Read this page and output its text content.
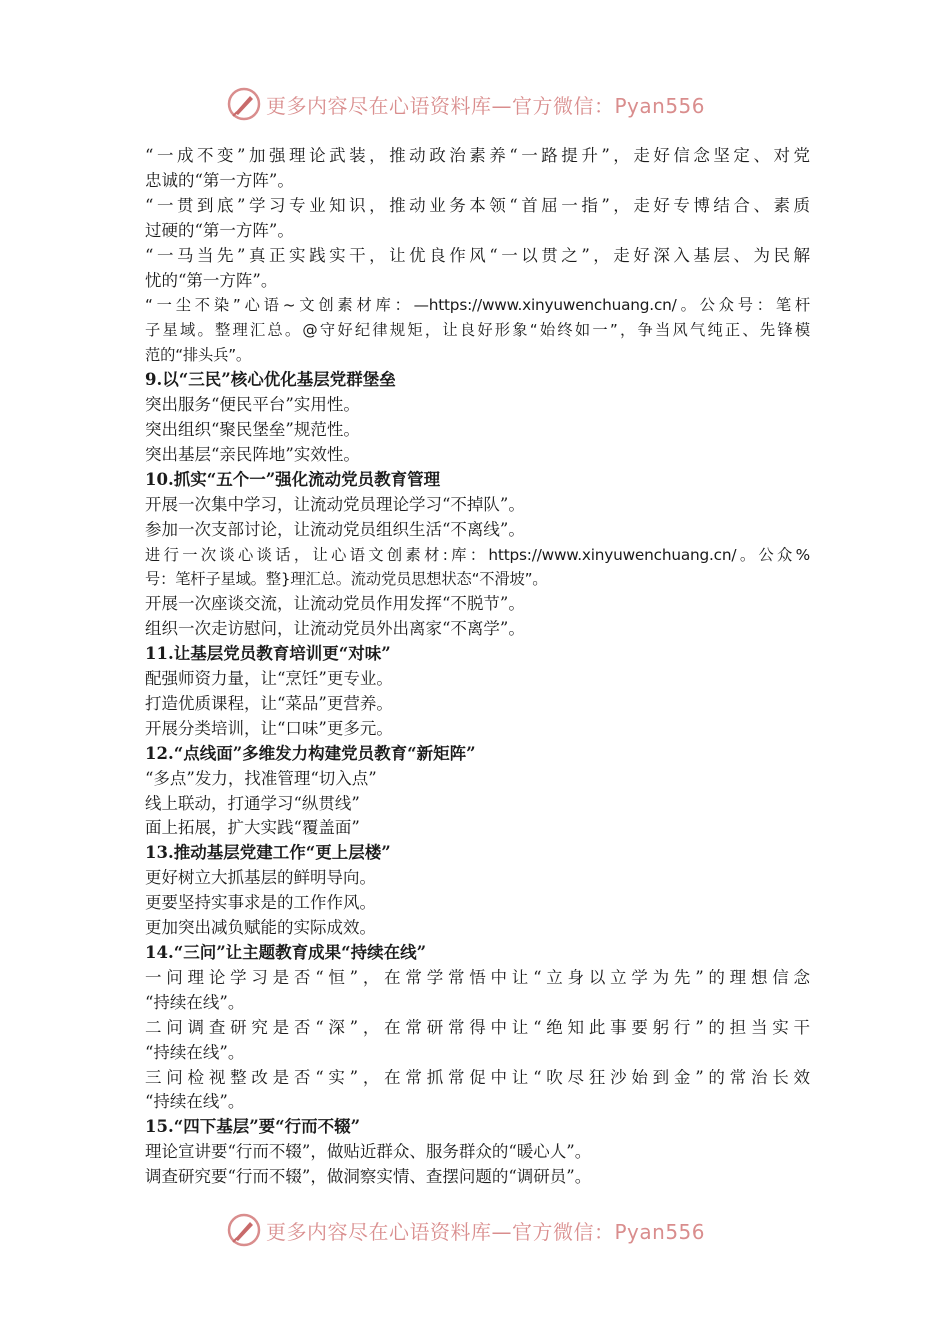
更多内容尽在心语资料库—官方微信：Pyan556

“一成不变”加强理论武装，推动政治素养“一路提升”，走好信念坚定、对党

忠诚的“第一方阵”。

“一贯到底”学习专业知识，推动业务本领“首屈一指”，走好专博结合、素质

过硬的“第一方阵”。

“一马当先”真正实践实干，让优良作风“一以贯之”，走好深入基层、为民解

忧的“第一方阵”。

“一尘不染”心语~文创素材库：—https://www.xinyuwenchuang.cn/。公众号：笔杆

子星域。整理汇总。@守好纪律规矩，让良好形象“始终如一”，争当风气纯正、先锋模

范的“排头兵”。

9.以“三民”核心优化基层党群堡垒

突出服务“便民平台”实用性。

突出组织“聚民堡垒”规范性。

突出基层“亲民阵地”实效性。

10.抓实“五个一”强化流动党员教育管理

开展一次集中学习，让流动党员理论学习“不掉队”。

参加一次支部讨论，让流动党员组织生活“不离线”。

进行一次谈心谈话，让心语文创素材:库：https://www.xinyuwenchuang.cn/。公众%

号：笔杆子星域。整}理汇总。流动党员思想状态“不滑坡”。

开展一次座谈交流，让流动党员作用发挥“不脱节”。

组织一次走访慰问，让流动党员外出离家“不离学”。

11.让基层党员教育培训更“对味”

配强师资力量，让“烹饪”更专业。

打造优质课程，让“菜品”更营养。

开展分类培训，让“口味”更多元。

12.“点线面”多维发力构建党员教育“新矩阵”

“多点”发力，找准管理“切入点”

线上联动，打通学习“纵贯线”

面上拓展，扩大实践“覆盖面”

13.推动基层党建工作“更上层楼”

更好树立大抓基层的鲜明导向。

更要坚持实事求是的工作作风。

更加突出减负赋能的实际成效。

14.“三问”让主题教育成果“持续在线”

一问理论学习是否“恒”，在常学常悟中让“立身以立学为先”的理想信念

“持续在线”。

二问调查研究是否“深”，在常研常得中让“绝知此事要躬行”的担当实干

“持续在线”。

三问检视整改是否“实”，在常抓常促中让“吹尽狂沙始到金”的常治长效

“持续在线”。

15.“四下基层”要“行而不辍”

理论宣讲要“行而不辍”，做贴近群众、服务群众的“暖心人”。

调查研究要“行而不辍”，做洞察实情、查摆问题的“调研员”。

更多内容尽在心语资料库—官方微信：Pyan556
